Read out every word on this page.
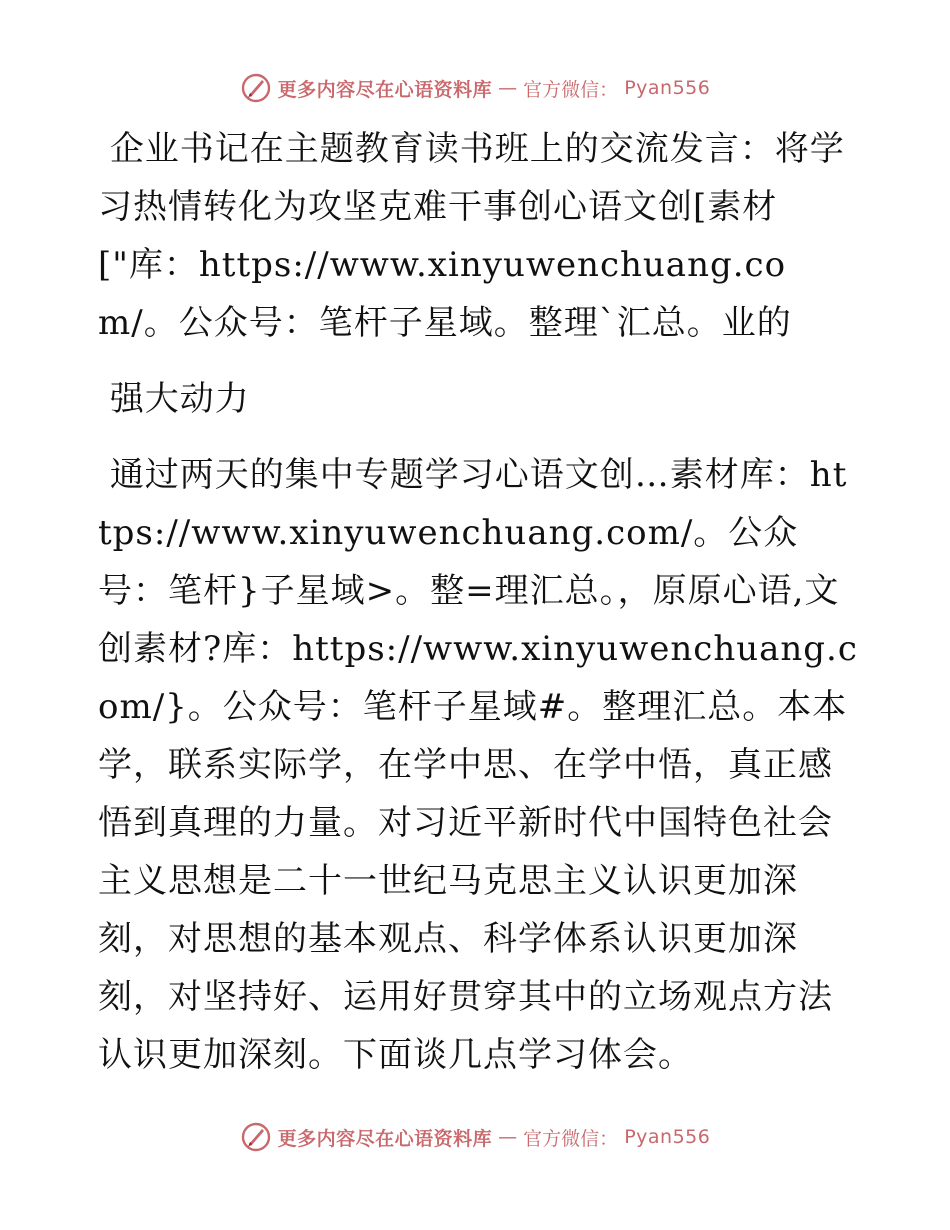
更多内容尽在心语资料库 — 官方微信： Pyan556

企业书记在主题教育读书班上的交流发言：将学习热情转化为攻坚克难干事创心语文创[素材["库：https://www.xinyuwenchuang.com/。公众号：笔杆子星域。整理`汇总。业的

强大动力

通过两天的集中专题学习心语文创…素材库：https://www.xinyuwenchuang.com/。公众号：笔杆}子星域>。整=理汇总。，原原心语,文创素材?库：https://www.xinyuwenchuang.com/}。公众号：笔杆子星域#。整理汇总。本本学，联系实际学，在学中思、在学中悟，真正感悟到真理的力量。对习近平新时代中国特色社会主义思想是二十一世纪马克思主义认识更加深刻，对思想的基本观点、科学体系认识更加深刻，对坚持好、运用好贯穿其中的立场观点方法认识更加深刻。下面谈几点学习体会。

更多内容尽在心语资料库 — 官方微信： Pyan556
